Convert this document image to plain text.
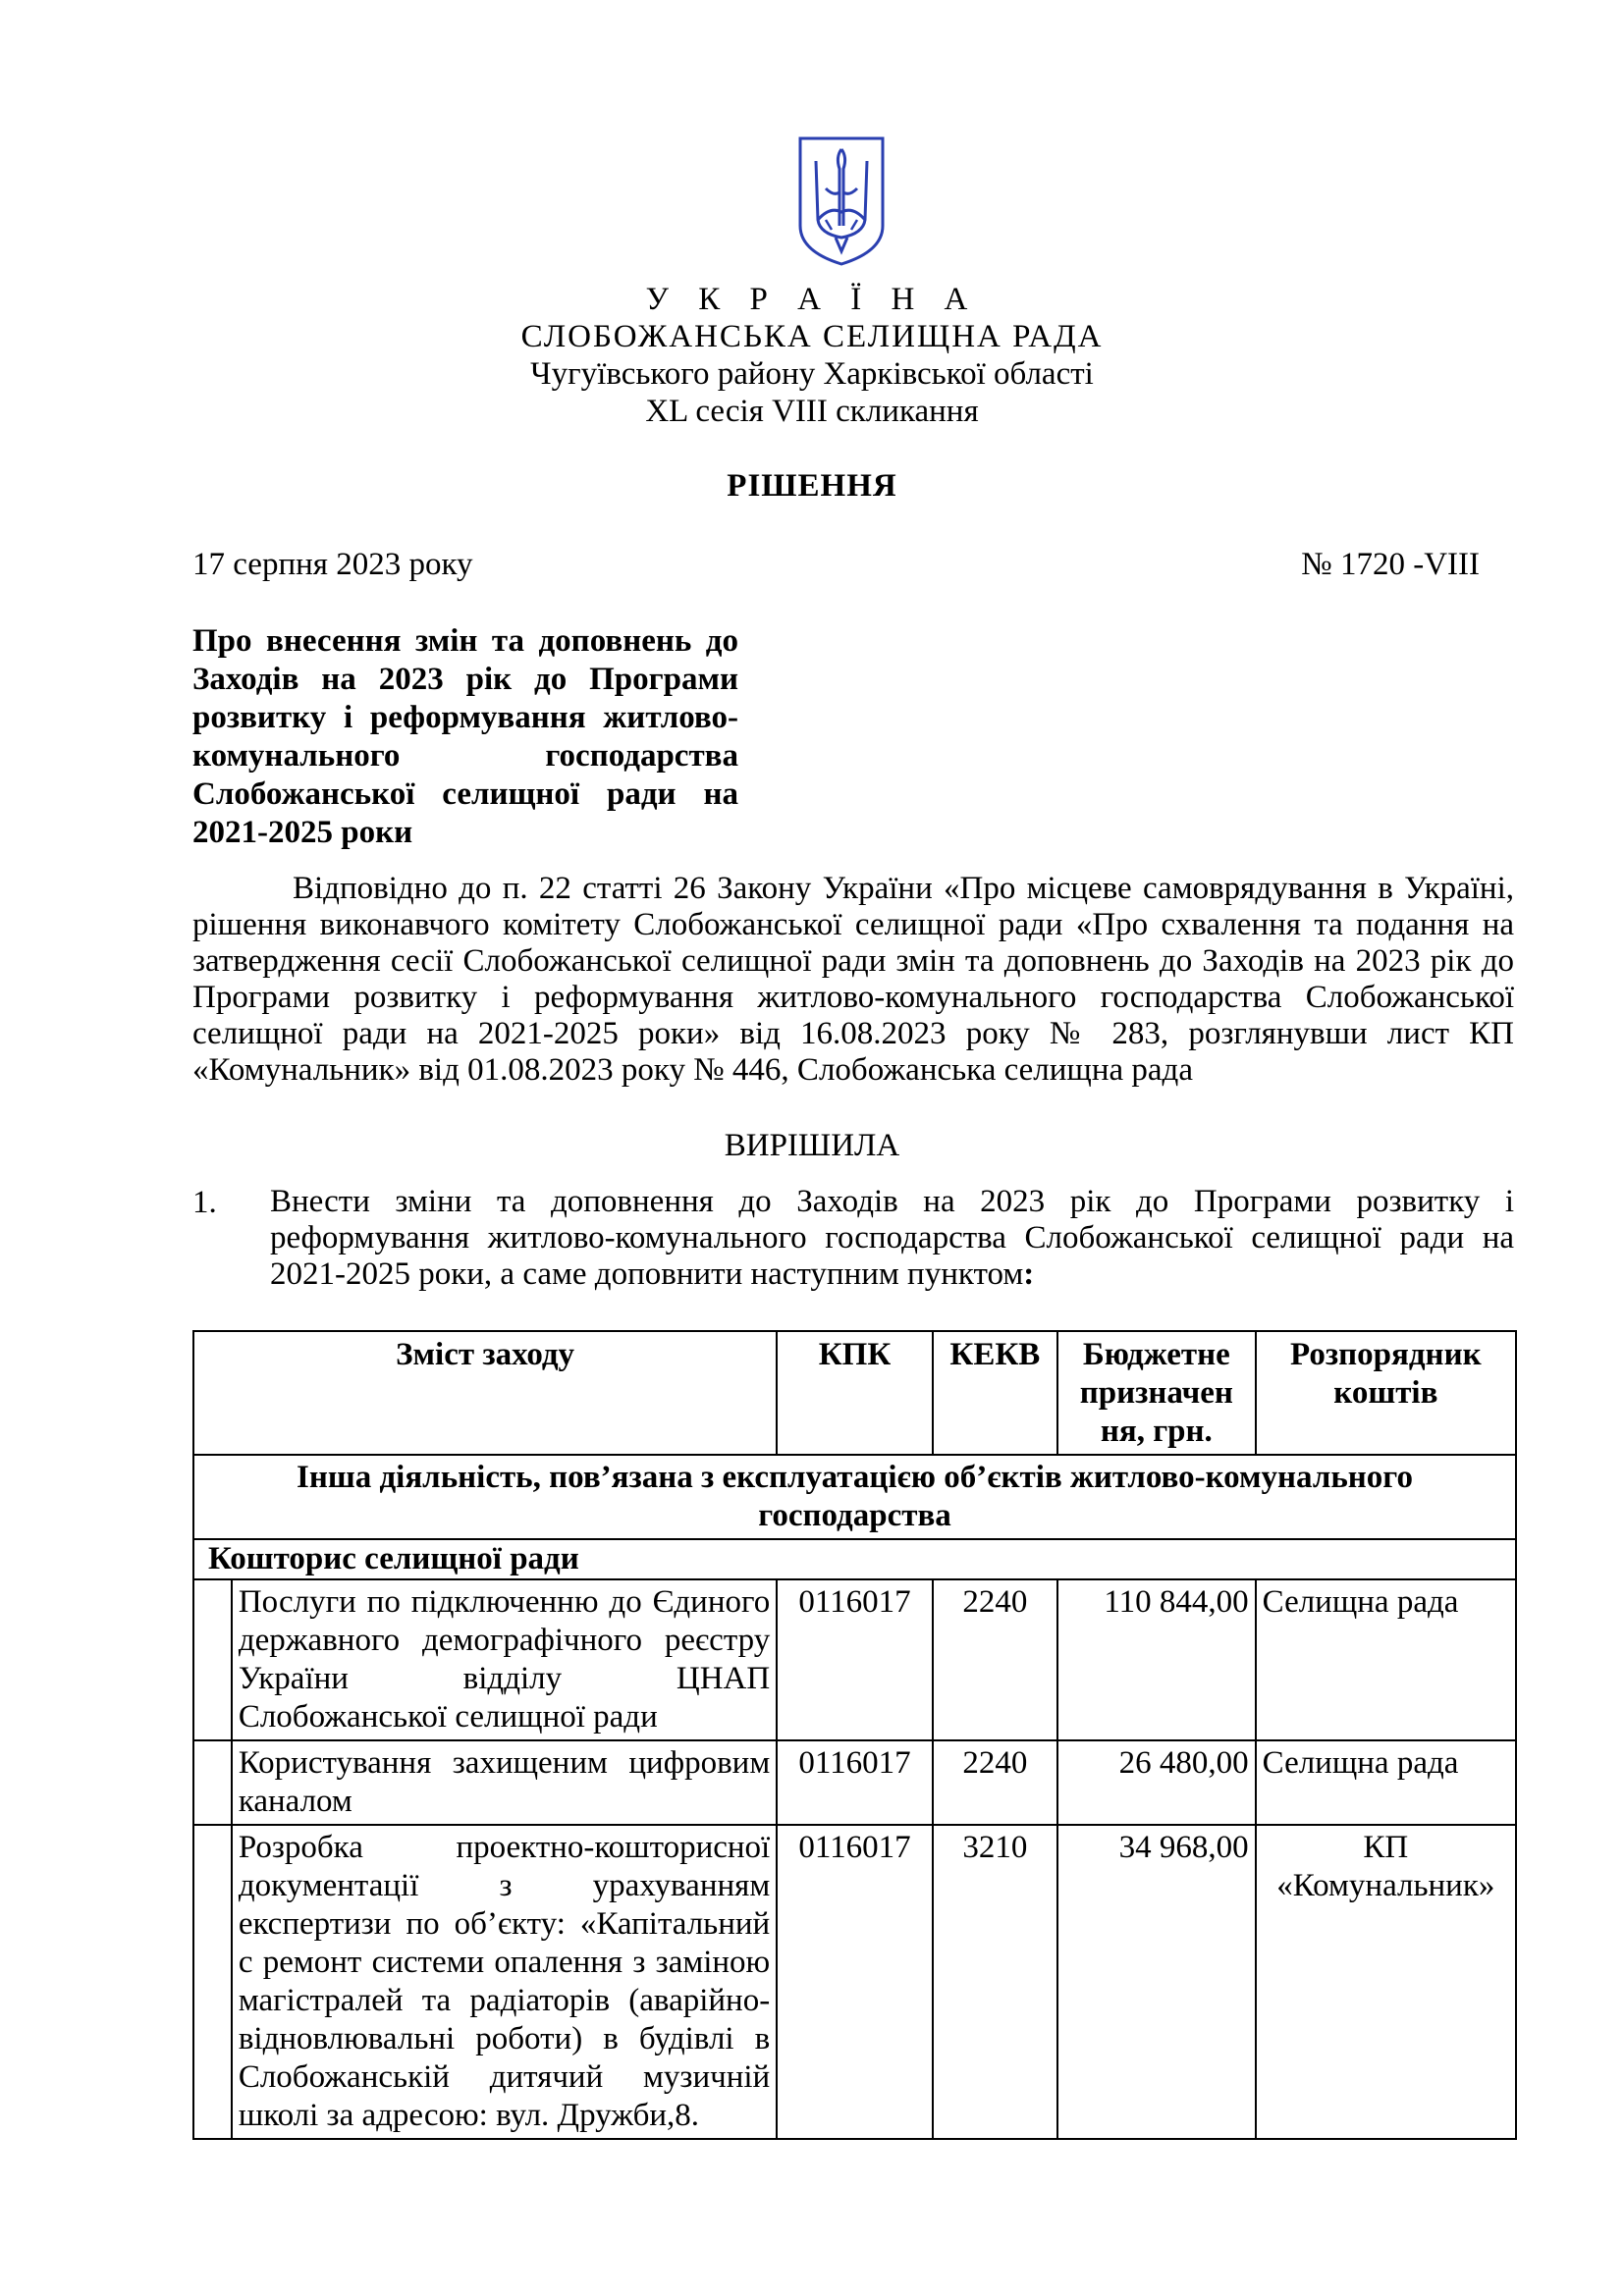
У К Р А Ї Н А
СЛОБОЖАНСЬКА СЕЛИЩНА РАДА
Чугуївського району Харківської області
XL сесія VIII скликання
РІШЕННЯ
17 серпня 2023 року	№ 1720 -VIII
Про внесення змін та доповнень до Заходів на 2023 рік до Програми розвитку і реформування житлово-комунального господарства Слобожанської селищної ради на 2021-2025 роки
Відповідно до п. 22 статті 26 Закону України «Про місцеве самоврядування в Україні, рішення виконавчого комітету Слобожанської селищної ради «Про схвалення та подання на затвердження сесії Слобожанської селищної ради змін та доповнень до Заходів на 2023 рік до Програми розвитку і реформування житлово-комунального господарства Слобожанської селищної ради на 2021-2025 роки» від 16.08.2023 року № 283, розглянувши лист КП «Комунальник» від 01.08.2023 року № 446, Слобожанська селищна рада
ВИРІШИЛА
1. Внести зміни та доповнення до Заходів на 2023 рік до Програми розвитку і реформування житлово-комунального господарства Слобожанської селищної ради на 2021-2025 роки, а саме доповнити наступним пунктом:
Зміст заходу		КПК	КЕКВ	Бюджетне призначен ня, грн.	Розпорядник коштів
Інша діяльність, пов’язана з експлуатацією об’єктів житлово-комунального господарства					
Кошторис селищної ради					
	Послуги по підключенню до Єдиного державного демографічного реєстру України відділу ЦНАП Слобожанської селищної ради	0116017	2240	110 844,00	Селищна рада
	Користування захищеним цифровим каналом	0116017	2240	26 480,00	Селищна рада
	Розробка проектно-кошторисної документації з урахуванням експертизи по об’єкту: «Капітальний с ремонт системи опалення з заміною магістралей та радіаторів (аварійно-відновлювальні роботи) в будівлі в Слобожанській дитячий музичній школі за адресою: вул. Дружби,8.	0116017	3210	34 968,00	КП «Комунальник»
